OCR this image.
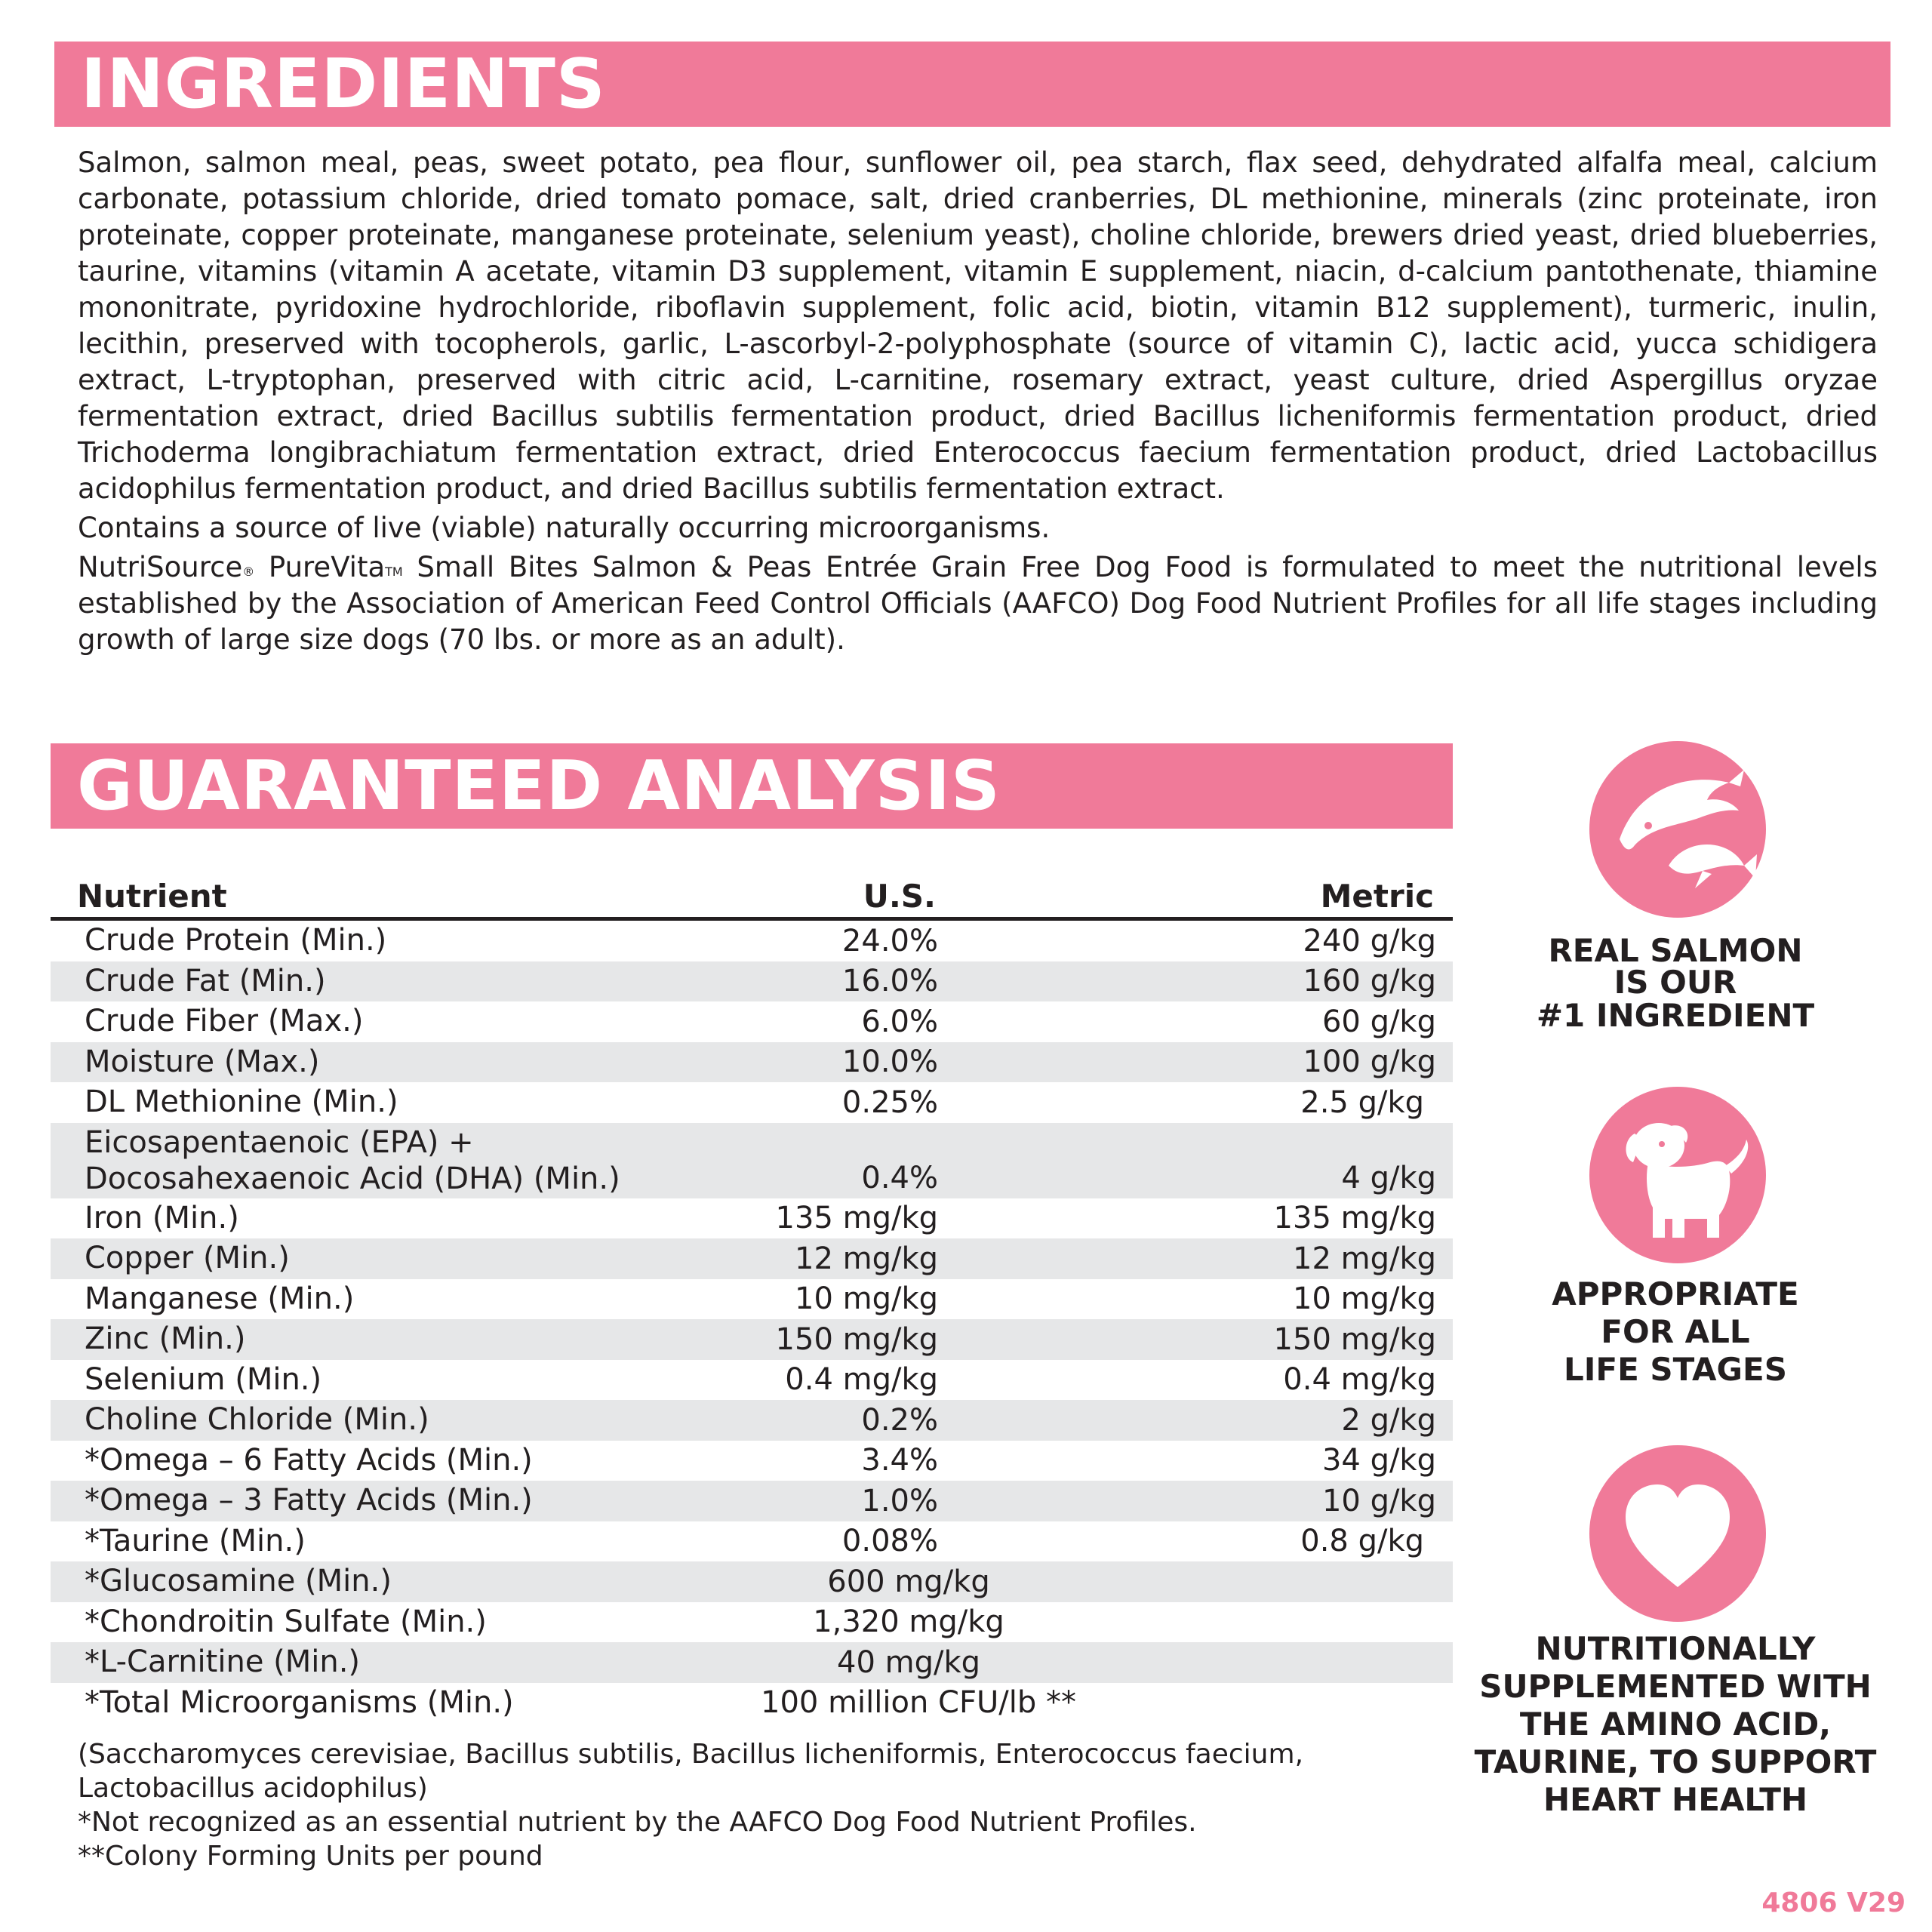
INGREDIENTS

Salmon, salmon meal, peas, sweet potato, pea flour, sunflower oil, pea starch, flax seed, dehydrated alfalfa meal, calcium carbonate, potassium chloride, dried tomato pomace, salt, dried cranberries, DL methionine, minerals (zinc proteinate, iron proteinate, copper proteinate, manganese proteinate, selenium yeast), choline chloride, brewers dried yeast, dried blueberries, taurine, vitamins (vitamin A acetate, vitamin D3 supplement, vitamin E supplement, niacin, d-calcium pantothenate, thiamine mononitrate, pyridoxine hydrochloride, riboflavin supplement, folic acid, biotin, vitamin B12 supplement), turmeric, inulin, lecithin, preserved with tocopherols, garlic, L-ascorbyl-2-polyphosphate (source of vitamin C), lactic acid, yucca schidigera extract, L-tryptophan, preserved with citric acid, L-carnitine, rosemary extract, yeast culture, dried Aspergillus oryzae fermentation extract, dried Bacillus subtilis fermentation product, dried Bacillus licheniformis fermentation product, dried Trichoderma longibrachiatum fermentation extract, dried Enterococcus faecium fermentation product, dried Lactobacillus acidophilus fermentation product, and dried Bacillus subtilis fermentation extract.

Contains a source of live (viable) naturally occurring microorganisms.

NutriSource® PureVita™ Small Bites Salmon & Peas Entrée Grain Free Dog Food is formulated to meet the nutritional levels established by the Association of American Feed Control Officials (AAFCO) Dog Food Nutrient Profiles for all life stages including growth of large size dogs (70 lbs. or more as an adult).

GUARANTEED ANALYSIS
Nutrient	U.S.	Metric
Crude Protein (Min.)	24.0%	240 g/kg
Crude Fat (Min.)	16.0%	160 g/kg
Crude Fiber (Max.)	6.0%	60 g/kg
Moisture (Max.)	10.0%	100 g/kg
DL Methionine (Min.)	0.25%	2.5 g/kg
Eicosapentaenoic (EPA) +
Docosahexaenoic Acid (DHA) (Min.)	0.4%	4 g/kg
Iron (Min.)	135 mg/kg	135 mg/kg
Copper (Min.)	12 mg/kg	12 mg/kg
Manganese (Min.)	10 mg/kg	10 mg/kg
Zinc (Min.)	150 mg/kg	150 mg/kg
Selenium (Min.)	0.4 mg/kg	0.4 mg/kg
Choline Chloride (Min.)	0.2%	2 g/kg
*Omega – 6 Fatty Acids (Min.)	3.4%	34 g/kg
*Omega – 3 Fatty Acids (Min.)	1.0%	10 g/kg
*Taurine (Min.)	0.08%	0.8 g/kg
*Glucosamine (Min.)	600 mg/kg
*Chondroitin Sulfate (Min.)	1,320 mg/kg
*L-Carnitine (Min.)	40 mg/kg
*Total Microorganisms (Min.)	100 million CFU/lb **
(Saccharomyces cerevisiae, Bacillus subtilis, Bacillus licheniformis, Enterococcus faecium,
Lactobacillus acidophilus)
*Not recognized as an essential nutrient by the AAFCO Dog Food Nutrient Profiles.
**Colony Forming Units per pound
REAL SALMON
IS OUR
#1 INGREDIENT
APPROPRIATE
FOR ALL
LIFE STAGES
NUTRITIONALLY
SUPPLEMENTED WITH
THE AMINO ACID,
TAURINE, TO SUPPORT
HEART HEALTH
4806 V29
